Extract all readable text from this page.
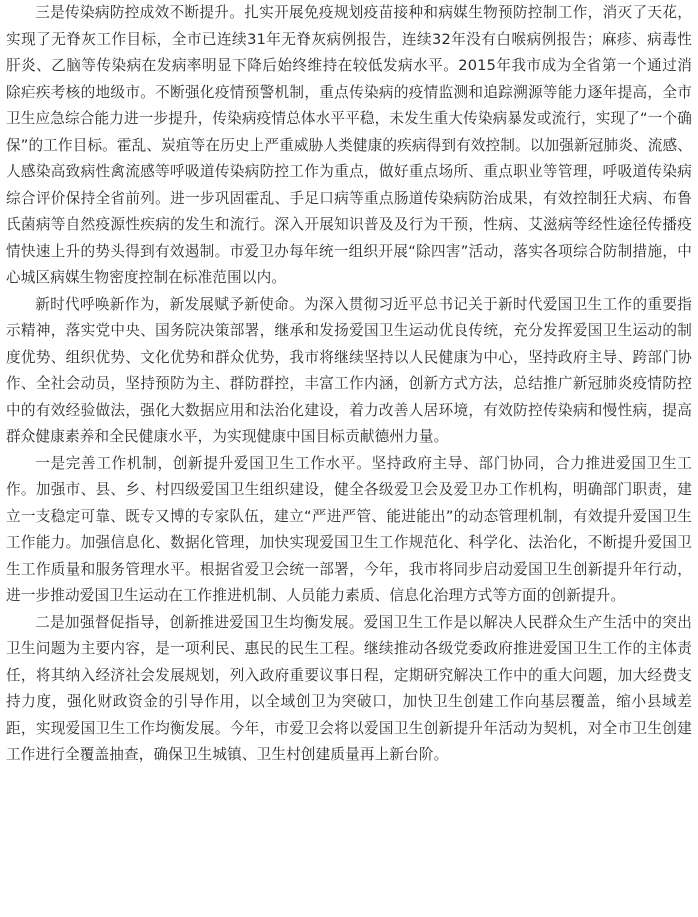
三是传染病防控成效不断提升。扎实开展免疫规划疫苗接种和病媒生物预防控制工作，消灭了天花，实现了无脊灰工作目标，全市已连续31年无脊灰病例报告，连续32年没有白喉病例报告；麻疹、病毒性肝炎、乙脑等传染病在发病率明显下降后始终维持在较低发病水平。2015年我市成为全省第一个通过消除疟疾考核的地级市。不断强化疫情预警机制，重点传染病的疫情监测和追踪溯源等能力逐年提高，全市卫生应急综合能力进一步提升，传染病疫情总体水平平稳，未发生重大传染病暴发或流行，实现了“一个确保”的工作目标。霍乱、炭疽等在历史上严重威胁人类健康的疾病得到有效控制。以加强新冠肺炎、流感、人感染高致病性禽流感等呼吸道传染病防控工作为重点，做好重点场所、重点职业等管理，呼吸道传染病综合评价保持全省前列。进一步巩固霍乱、手足口病等重点肠道传染病防治成果，有效控制狂犬病、布鲁氏菌病等自然疫源性疾病的发生和流行。深入开展知识普及及行为干预，性病、艾滋病等经性途径传播疫情快速上升的势头得到有效遏制。市爱卫办每年统一组织开展“除四害”活动，落实各项综合防制措施，中心城区病媒生物密度控制在标准范围以内。

新时代呼唤新作为，新发展赋予新使命。为深入贯彻习近平总书记关于新时代爱国卫生工作的重要指示精神，落实党中央、国务院决策部署，继承和发扬爱国卫生运动优良传统，充分发挥爱国卫生运动的制度优势、组织优势、文化优势和群众优势，我市将继续坚持以人民健康为中心，坚持政府主导、跨部门协作、全社会动员，坚持预防为主、群防群控，丰富工作内涵，创新方式方法，总结推广新冠肺炎疫情防控中的有效经验做法，强化大数据应用和法治化建设，着力改善人居环境，有效防控传染病和慢性病，提高群众健康素养和全民健康水平，为实现健康中国目标贡献德州力量。

一是完善工作机制，创新提升爱国卫生工作水平。坚持政府主导、部门协同，合力推进爱国卫生工作。加强市、县、乡、村四级爱国卫生组织建设，健全各级爱卫会及爱卫办工作机构，明确部门职责，建立一支稳定可靠、既专又博的专家队伍，建立“严进严管、能进能出”的动态管理机制，有效提升爱国卫生工作能力。加强信息化、数据化管理，加快实现爱国卫生工作规范化、科学化、法治化，不断提升爱国卫生工作质量和服务管理水平。根据省爱卫会统一部署，今年，我市将同步启动爱国卫生创新提升年行动，进一步推动爱国卫生运动在工作推进机制、人员能力素质、信息化治理方式等方面的创新提升。

二是加强督促指导，创新推进爱国卫生均衡发展。爱国卫生工作是以解决人民群众生产生活中的突出卫生问题为主要内容，是一项利民、惠民的民生工程。继续推动各级党委政府推进爱国卫生工作的主体责任，将其纳入经济社会发展规划，列入政府重要议事日程，定期研究解决工作中的重大问题，加大经费支持力度，强化财政资金的引导作用，以全域创卫为突破口，加快卫生创建工作向基层覆盖，缩小县域差距，实现爱国卫生工作均衡发展。今年，市爱卫会将以爱国卫生创新提升年活动为契机，对全市卫生创建工作进行全覆盖抽查，确保卫生城镇、卫生村创建质量再上新台阶。
